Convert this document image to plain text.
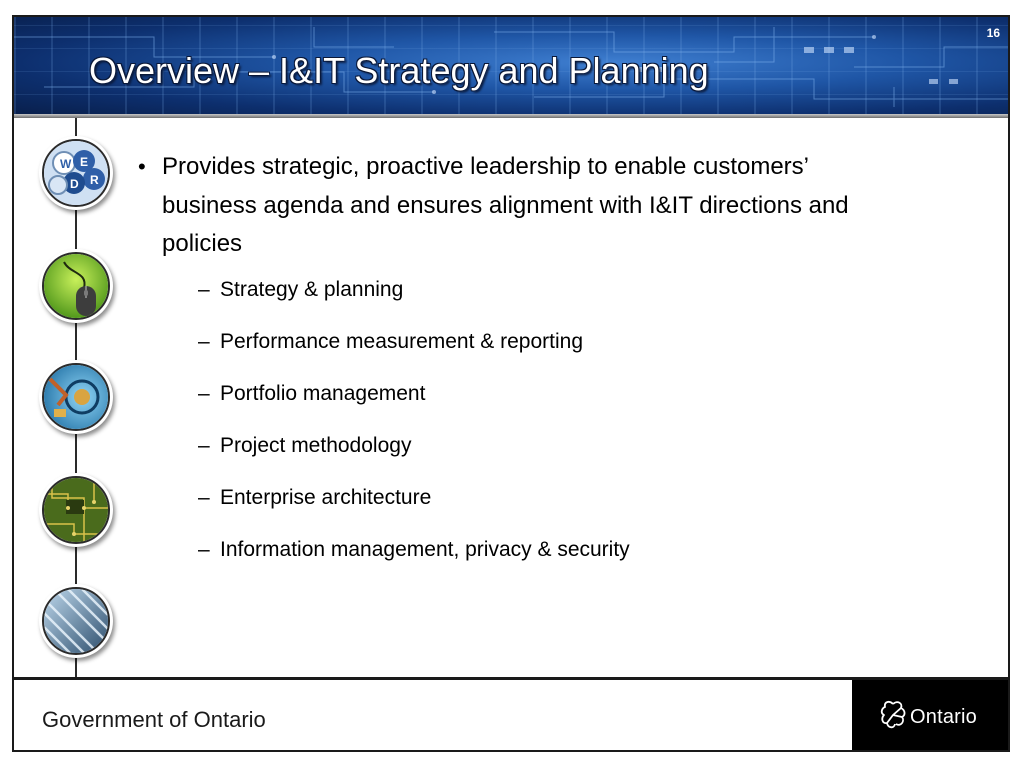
16
Overview – I&IT Strategy and Planning
W E
R
D
• Provides strategic, proactive leadership to enable customers’ business agenda and ensures alignment with I&IT directions and policies
– Strategy & planning
– Performance measurement & reporting
– Portfolio management
– Project methodology
– Enterprise architecture
– Information management, privacy & security
Government of Ontario	Ontario
